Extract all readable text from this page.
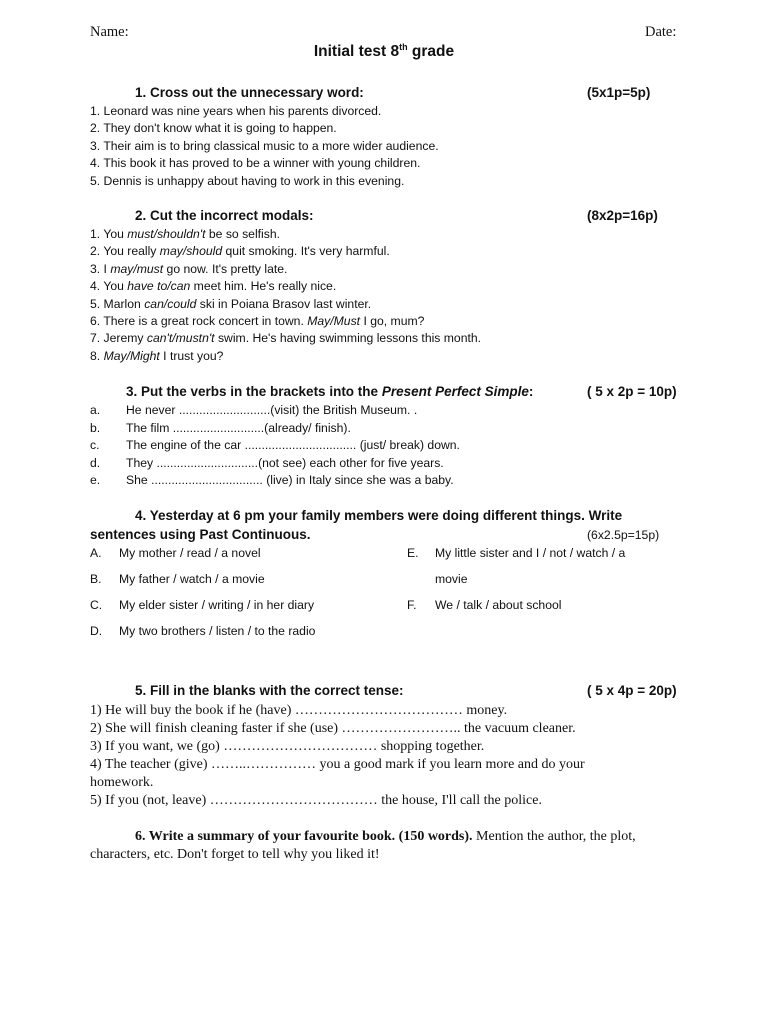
Name:	Date:
Initial test 8th grade
1. Cross out the unnecessary word:	(5x1p=5p)
1. Leonard was nine years when his parents divorced.
2. They don't know what it is going to happen.
3. Their aim is to bring classical music to a more wider audience.
4. This book it has proved to be a winner with young children.
5. Dennis is unhappy about having to work in this evening.
2. Cut the incorrect modals:	(8x2p=16p)
1. You must/shouldn't be so selfish.
2. You really may/should quit smoking. It's very harmful.
3. I may/must go now. It's pretty late.
4. You have to/can meet him. He's really nice.
5. Marlon can/could ski in Poiana Brasov last winter.
6. There is a great rock concert in town. May/Must I go, mum?
7. Jeremy can't/mustn't swim. He's having swimming lessons this month.
8. May/Might I trust you?
3. Put the verbs in the brackets into the Present Perfect Simple:	( 5 x 2p = 10p)
a. He never ...........................(visit) the British Museum. .
b. The film ...........................(already/ finish).
c. The engine of the car ................................. (just/ break) down.
d. They ..............................(not see) each other for five years.
e. She ................................. (live) in Italy since she was a baby.
4. Yesterday at 6 pm your family members were doing different things. Write
sentences using Past Continuous.	(6x2.5p=15p)
A. My mother / read / a novel
B. My father / watch / a movie
C. My elder sister / writing / in her diary
D. My two brothers / listen / to the radio
E. My little sister and I / not / watch / a
movie
F. We / talk / about school
5. Fill in the blanks with the correct tense:	( 5 x 4p = 20p)
1) He will buy the book if he (have) ……………………………… money.
2) She will finish cleaning faster if she (use) …………………….. the vacuum cleaner.
3) If you want, we (go) …………………………… shopping together.
4) The teacher (give) ……..…………… you a good mark if you learn more and do your
homework.
5) If you (not, leave) ……………………………… the house, I'll call the police.
6. Write a summary of your favourite book. (150 words). Mention the author, the plot,
characters, etc. Don't forget to tell why you liked it!
